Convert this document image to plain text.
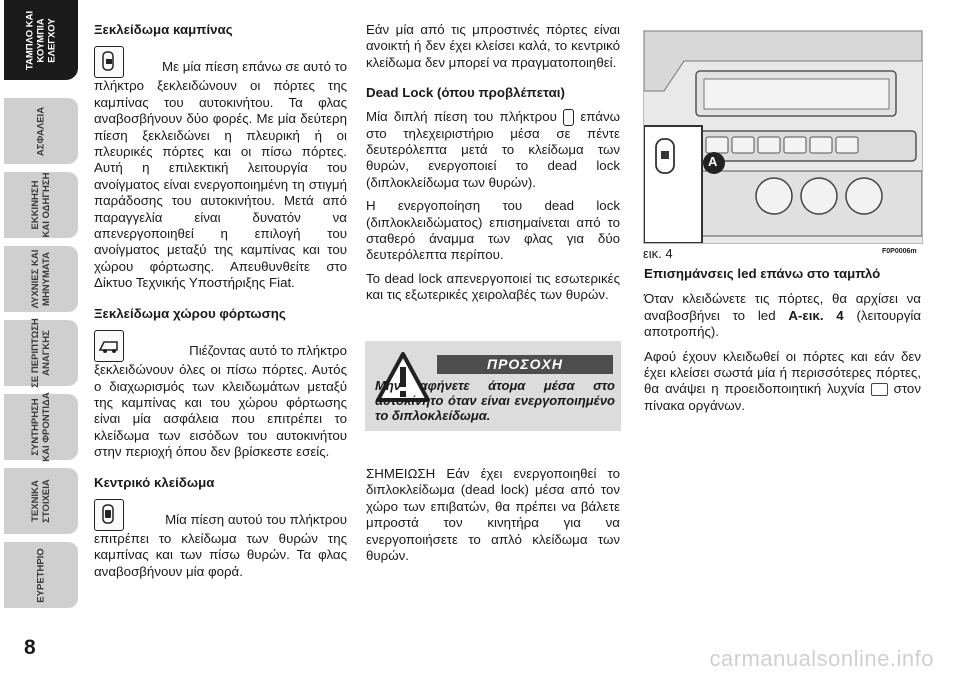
ΤΑΜΠΛΟ ΚΑΙ
ΚΟΥΜΠΙΑ
ΕΛΕΓΧΟΥ
ΑΣΦΑΛΕΙΑ
ΕΚΚΙΝΗΣΗ
ΚΑΙ ΟΔΗΓΗΣΗ
ΛΥΧΝΙΕΣ ΚΑΙ
ΜΗΝΥΜΑΤΑ
ΣΕ ΠΕΡΙΠΤΩΣΗ
ΑΝΑΓΚΗΣ
ΣΥΝΤΗΡΗΣΗ
ΚΑΙ ΦΡΟΝΤΙΔΑ
ΤΕΧΝΙΚΑ
ΣΤΟΙΧΕΙΑ
ΕΥΡΕΤΗΡΙΟ
8
Ξεκλείδωμα καμπίνας

Με μία πίεση επάνω σε αυτό το

πλήκτρο ξεκλειδώνουν οι πόρτες της καμπίνας του αυτοκινήτου. Τα φλας αναβοσβήνουν δύο φορές. Με μία δεύτερη πίεση ξεκλειδώνει η πλευρική ή οι πλευρικές πόρτες και οι πίσω πόρτες. Αυτή η επιλεκτική λειτουργία του ανοίγματος είναι ενεργοποιημένη τη στιγμή παράδοσης του αυτοκινήτου. Μετά από παραγγελία είναι δυνατόν να απενεργοποιηθεί η επιλογή του ανοίγματος μεταξύ της καμπίνας και του χώρου φόρτωσης. Απευθυνθείτε στο Δίκτυο Τεχνικής Υποστήριξης Fiat.

Ξεκλείδωμα χώρου φόρτωσης

Πιέζοντας αυτό το πλήκτρο

ξεκλειδώνουν όλες οι πίσω πόρτες. Αυτός ο διαχωρισμός των κλειδωμάτων μεταξύ της καμπίνας και του χώρου φόρτωσης είναι μία ασφάλεια που επιτρέπει το κλείδωμα των εισόδων του αυτοκινήτου στην περιοχή όπου δεν βρίσκεστε εσείς.

Κεντρικό κλείδωμα

Μία πίεση αυτού του πλήκτρου

επιτρέπει το κλείδωμα των θυρών της καμπίνας και των πίσω θυρών. Τα φλας αναβοσβήνουν μία φορά.

Εάν μία από τις μπροστινές πόρτες είναι ανοικτή ή δεν έχει κλείσει καλά, το κεντρικό κλείδωμα δεν μπορεί να πραγματοποιηθεί.

Dead Lock (όπου προβλέπεται)

Μία διπλή πίεση του πλήκτρου επάνω στο τηλεχειριστήριο μέσα σε πέντε δευτερόλεπτα μετά το κλείδωμα των θυρών, ενεργοποιεί το dead lock (διπλοκλείδωμα των θυρών).

Η ενεργοποίηση του dead lock (διπλοκλειδώματος) επισημαίνεται από το σταθερό άναμμα των φλας για δύο δευτερόλεπτα περίπου.

Το dead lock απενεργοποιεί τις εσωτερικές και τις εξωτερικές χειρολαβές των θυρών.

ΠΡΟΣΟΧΗ
Μην αφήνετε άτομα μέσα στο αυτοκίνητο όταν είναι ενεργοποιημένο το διπλοκλείδωμα.

ΣΗΜΕΙΩΣΗ Εάν έχει ενεργοποιηθεί το διπλοκλείδωμα (dead lock) μέσα από τον χώρο των επιβατών, θα πρέπει να βάλετε μπροστά τον κινητήρα για να ενεργοποιήσετε το απλό κλείδωμα των θυρών.

A
εικ. 4	F0P0006m
Επισημάνσεις led επάνω στο ταμπλό

Όταν κλειδώνετε τις πόρτες, θα αρχίσει να αναβοσβήνει το led A-εικ. 4 (λειτουργία αποτροπής).

Αφού έχουν κλειδωθεί οι πόρτες και εάν δεν έχει κλείσει σωστά μία ή περισσότερες πόρτες, θα ανάψει η προειδοποιητική λυχνία στον πίνακα οργάνων.

carmanualsonline.info
